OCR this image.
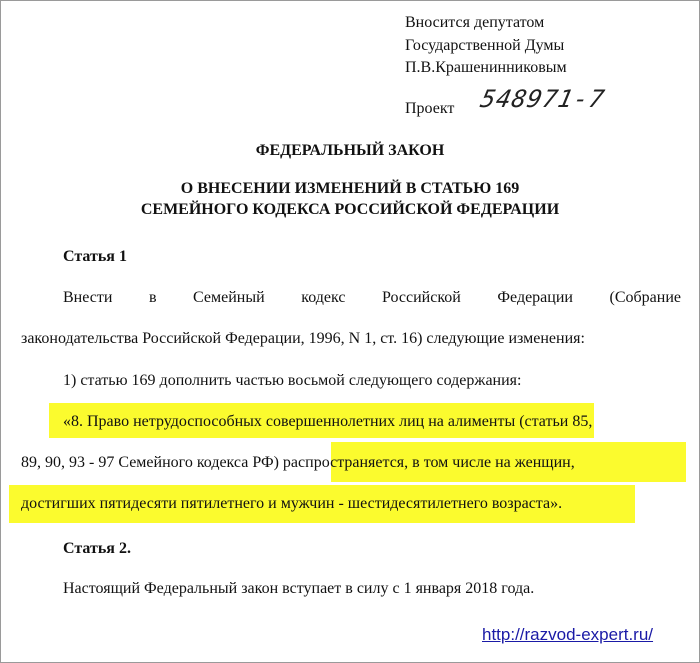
Вносится депутатом
Государственной Думы
П.В.Крашенинниковым
Проект 548971-7
ФЕДЕРАЛЬНЫЙ ЗАКОН
О ВНЕСЕНИИ ИЗМЕНЕНИЙ В СТАТЬЮ 169
СЕМЕЙНОГО КОДЕКСА РОССИЙСКОЙ ФЕДЕРАЦИИ
Статья 1
Внести в Семейный кодекс Российской Федерации (Собрание
законодательства Российской Федерации, 1996, N 1, ст. 16) следующие изменения:
1) статью 169 дополнить частью восьмой следующего содержания:
«8. Право нетрудоспособных совершеннолетних лиц на алименты (статьи 85,
89, 90, 93 - 97 Семейного кодекса РФ) распространяется, в том числе на женщин,
достигших пятидесяти пятилетнего и мужчин - шестидесятилетнего возраста».
Статья 2.
Настоящий Федеральный закон вступает в силу с 1 января 2018 года.
http://razvod-expert.ru/
